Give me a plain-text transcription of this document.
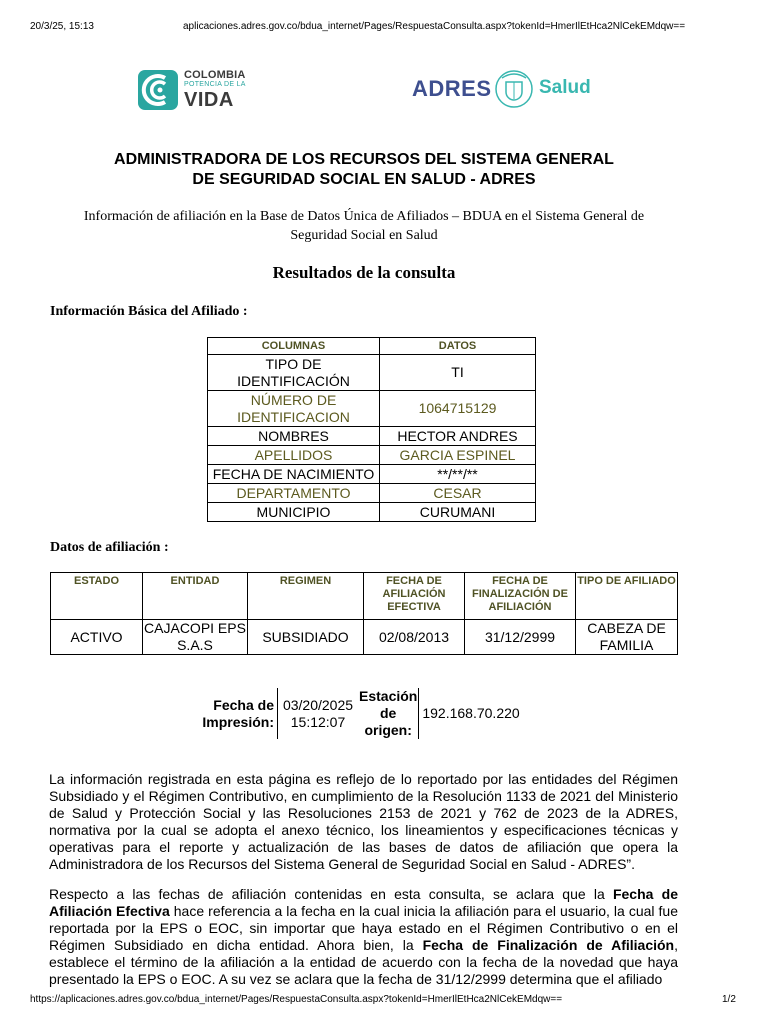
20/3/25, 15:13	aplicaciones.adres.gov.co/bdua_internet/Pages/RespuestaConsulta.aspx?tokenId=HmerIlEtHca2NlCekEMdqw==
COLOMBIA
POTENCIA DE LA
VIDA	ADRES Salud
ADMINISTRADORA DE LOS RECURSOS DEL SISTEMA GENERAL
DE SEGURIDAD SOCIAL EN SALUD - ADRES
Información de afiliación en la Base de Datos Única de Afiliados – BDUA en el Sistema General de
Seguridad Social en Salud
Resultados de la consulta
Información Básica del Afiliado :
COLUMNAS	DATOS
TIPO DE IDENTIFICACIÓN	TI
NÚMERO DE IDENTIFICACION	1064715129
NOMBRES	HECTOR ANDRES
APELLIDOS	GARCIA ESPINEL
FECHA DE NACIMIENTO	**/**/**
DEPARTAMENTO	CESAR
MUNICIPIO	CURUMANI
Datos de afiliación :
ESTADO	ENTIDAD	REGIMEN	FECHA DE AFILIACIÓN EFECTIVA	FECHA DE FINALIZACIÓN DE AFILIACIÓN	TIPO DE AFILIADO
ACTIVO	CAJACOPI EPS S.A.S	SUBSIDIADO	02/08/2013	31/12/2999	CABEZA DE FAMILIA
Fecha de Impresión:	03/20/2025 15:12:07	Estación de origen:	192.168.70.220
La información registrada en esta página es reflejo de lo reportado por las entidades del Régimen Subsidiado y el Régimen Contributivo, en cumplimiento de la Resolución 1133 de 2021 del Ministerio de Salud y Protección Social y las Resoluciones 2153 de 2021 y 762 de 2023 de la ADRES, normativa por la cual se adopta el anexo técnico, los lineamientos y especificaciones técnicas y operativas para el reporte y actualización de las bases de datos de afiliación que opera la Administradora de los Recursos del Sistema General de Seguridad Social en Salud - ADRES”.
Respecto a las fechas de afiliación contenidas en esta consulta, se aclara que la Fecha de Afiliación Efectiva hace referencia a la fecha en la cual inicia la afiliación para el usuario, la cual fue reportada por la EPS o EOC, sin importar que haya estado en el Régimen Contributivo o en el Régimen Subsidiado en dicha entidad. Ahora bien, la Fecha de Finalización de Afiliación, establece el término de la afiliación a la entidad de acuerdo con la fecha de la novedad que haya presentado la EPS o EOC. A su vez se aclara que la fecha de 31/12/2999 determina que el afiliado
https://aplicaciones.adres.gov.co/bdua_internet/Pages/RespuestaConsulta.aspx?tokenId=HmerIlEtHca2NlCekEMdqw==	1/2
